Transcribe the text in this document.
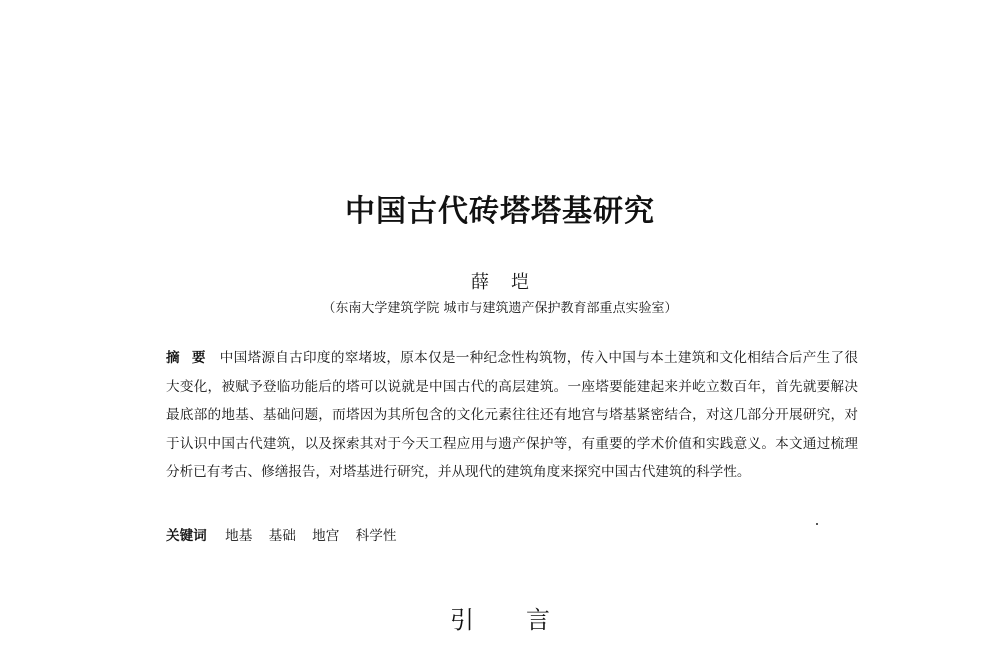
中国古代砖塔塔基研究
薛垲
（东南大学建筑学院 城市与建筑遗产保护教育部重点实验室）

摘要 中国塔源自古印度的窣堵坡，原本仅是一种纪念性构筑物，传入中国与本土建筑和文化相结合后产生了很大变化，被赋予登临功能后的塔可以说就是中国古代的高层建筑。一座塔要能建起来并屹立数百年，首先就要解决最底部的地基、基础问题，而塔因为其所包含的文化元素往往还有地宫与塔基紧密结合，对这几部分开展研究，对于认识中国古代建筑，以及探索其对于今天工程应用与遗产保护等，有重要的学术价值和实践意义。本文通过梳理分析已有考古、修缮报告，对塔基进行研究，并从现代的建筑角度来探究中国古代建筑的科学性。

关键词 地基 基础 地宫 科学性
引言
